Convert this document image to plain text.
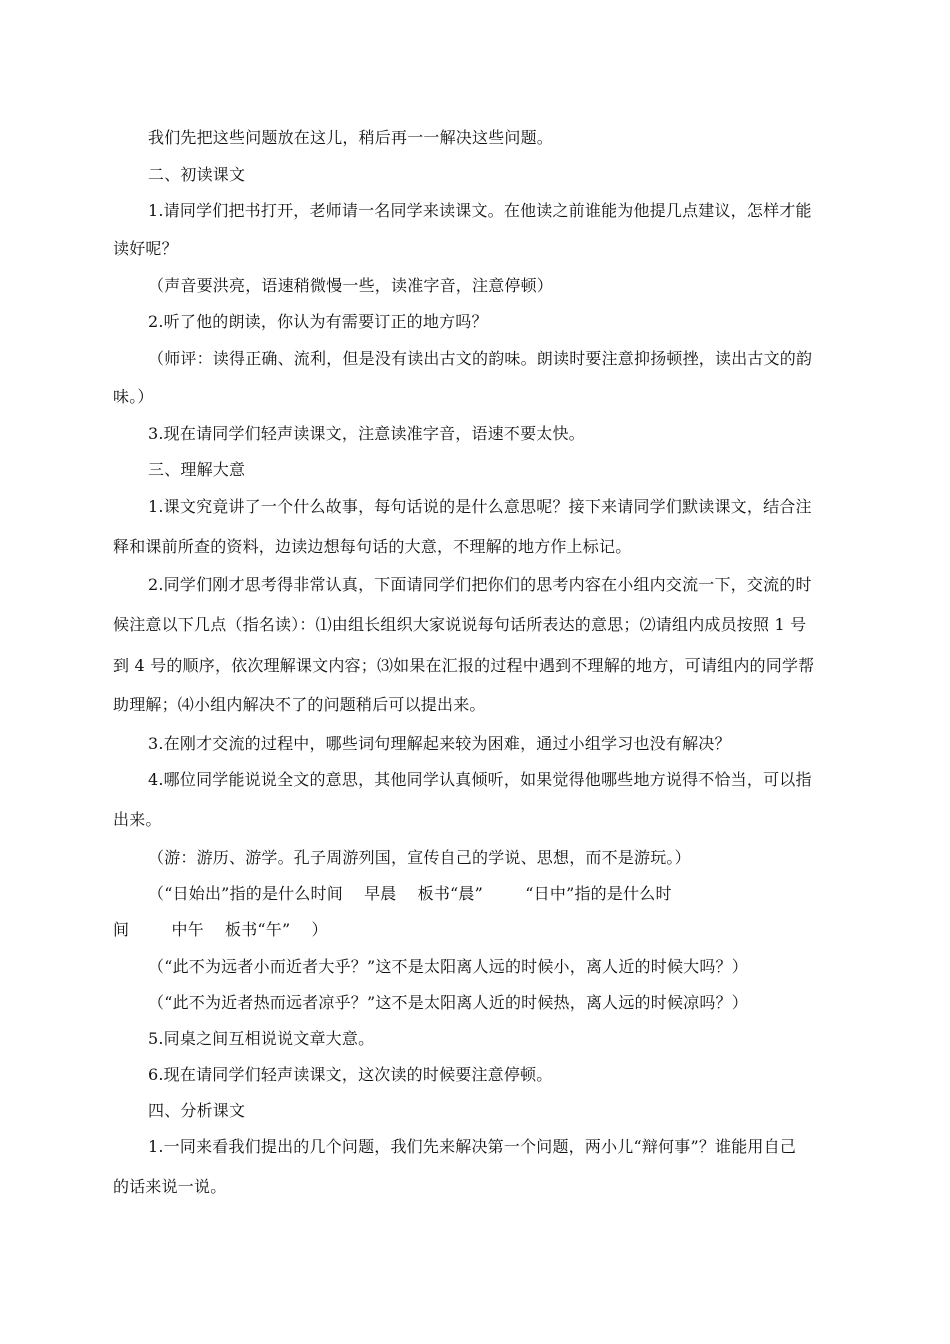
我们先把这些问题放在这儿，稍后再一一解决这些问题。
二、初读课文
1.请同学们把书打开，老师请一名同学来读课文。在他读之前谁能为他提几点建议，怎样才能
读好呢？
（声音要洪亮，语速稍微慢一些，读准字音，注意停顿）
2.听了他的朗读，你认为有需要订正的地方吗？
（师评：读得正确、流利，但是没有读出古文的韵味。朗读时要注意抑扬顿挫，读出古文的韵
味。）
3.现在请同学们轻声读课文，注意读准字音，语速不要太快。
三、理解大意
1.课文究竟讲了一个什么故事，每句话说的是什么意思呢？接下来请同学们默读课文，结合注
释和课前所查的资料，边读边想每句话的大意，不理解的地方作上标记。
2.同学们刚才思考得非常认真，下面请同学们把你们的思考内容在小组内交流一下，交流的时
候注意以下几点（指名读）：⑴由组长组织大家说说每句话所表达的意思；⑵请组内成员按照 1 号
到 4 号的顺序，依次理解课文内容；⑶如果在汇报的过程中遇到不理解的地方，可请组内的同学帮
助理解；⑷小组内解决不了的问题稍后可以提出来。
3.在刚才交流的过程中，哪些词句理解起来较为困难，通过小组学习也没有解决？
4.哪位同学能说说全文的意思，其他同学认真倾听，如果觉得他哪些地方说得不恰当，可以指
出来。
（游：游历、游学。孔子周游列国，宣传自己的学说、思想，而不是游玩。）
（“日始出”指的是什么时间    早晨    板书“晨”        “日中”指的是什么时
间        中午    板书“午”    ）
（“此不为远者小而近者大乎？”这不是太阳离人远的时候小，离人近的时候大吗？）
（“此不为近者热而远者凉乎？”这不是太阳离人近的时候热，离人远的时候凉吗？）
5.同桌之间互相说说文章大意。
6.现在请同学们轻声读课文，这次读的时候要注意停顿。
四、分析课文
1.一同来看我们提出的几个问题，我们先来解决第一个问题，两小儿“辩何事”？谁能用自己
的话来说一说。
